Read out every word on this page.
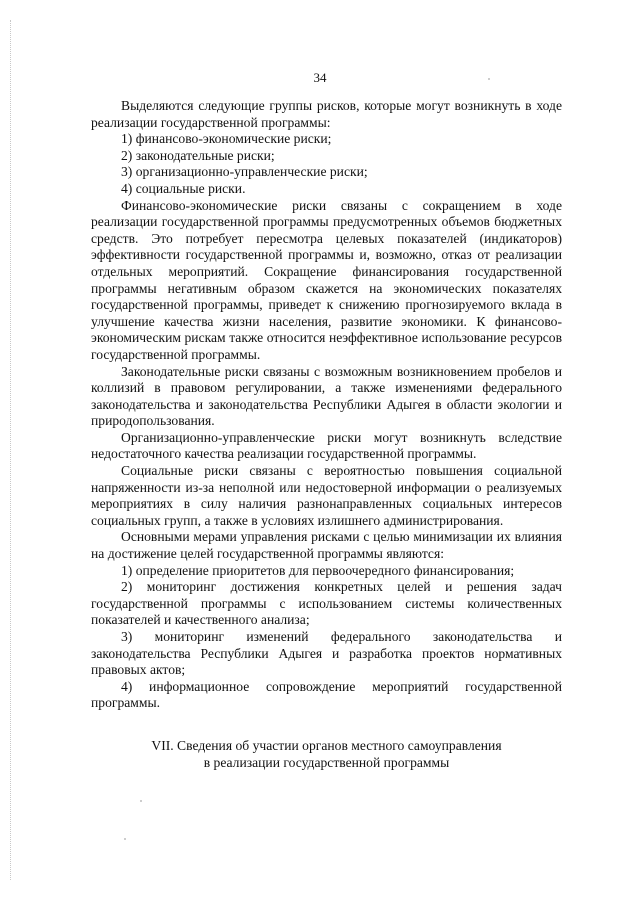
34

Выделяются следующие группы рисков, которые могут возникнуть в ходе реализации государственной программы:

1) финансово-экономические риски;

2) законодательные риски;

3) организационно-управленческие риски;

4) социальные риски.

Финансово-экономические риски связаны с сокращением в ходе реализации государственной программы предусмотренных объемов бюджетных средств. Это потребует пересмотра целевых показателей (индикаторов) эффективности государственной программы и, возможно, отказ от реализации отдельных мероприятий. Сокращение финансирования государственной программы негативным образом скажется на экономических показателях государственной программы, приведет к снижению прогнозируемого вклада в улучшение качества жизни населения, развитие экономики. К финансово-экономическим рискам также относится неэффективное использование ресурсов государственной программы.

Законодательные риски связаны с возможным возникновением пробелов и коллизий в правовом регулировании, а также изменениями федерального законодательства и законодательства Республики Адыгея в области экологии и природопользования.

Организационно-управленческие риски могут возникнуть вследствие недостаточного качества реализации государственной программы.

Социальные риски связаны с вероятностью повышения социальной напряженности из-за неполной или недостоверной информации о реализуемых мероприятиях в силу наличия разнонаправленных социальных интересов социальных групп, а также в условиях излишнего администрирования.

Основными мерами управления рисками с целью минимизации их влияния на достижение целей государственной программы являются:

1) определение приоритетов для первоочередного финансирования;

2) мониторинг достижения конкретных целей и решения задач государственной программы с использованием системы количественных показателей и качественного анализа;

3) мониторинг изменений федерального законодательства и законодательства Республики Адыгея и разработка проектов нормативных правовых актов;

4) информационное сопровождение мероприятий государственной программы.

VII. Сведения об участии органов местного самоуправления
в реализации государственной программы
